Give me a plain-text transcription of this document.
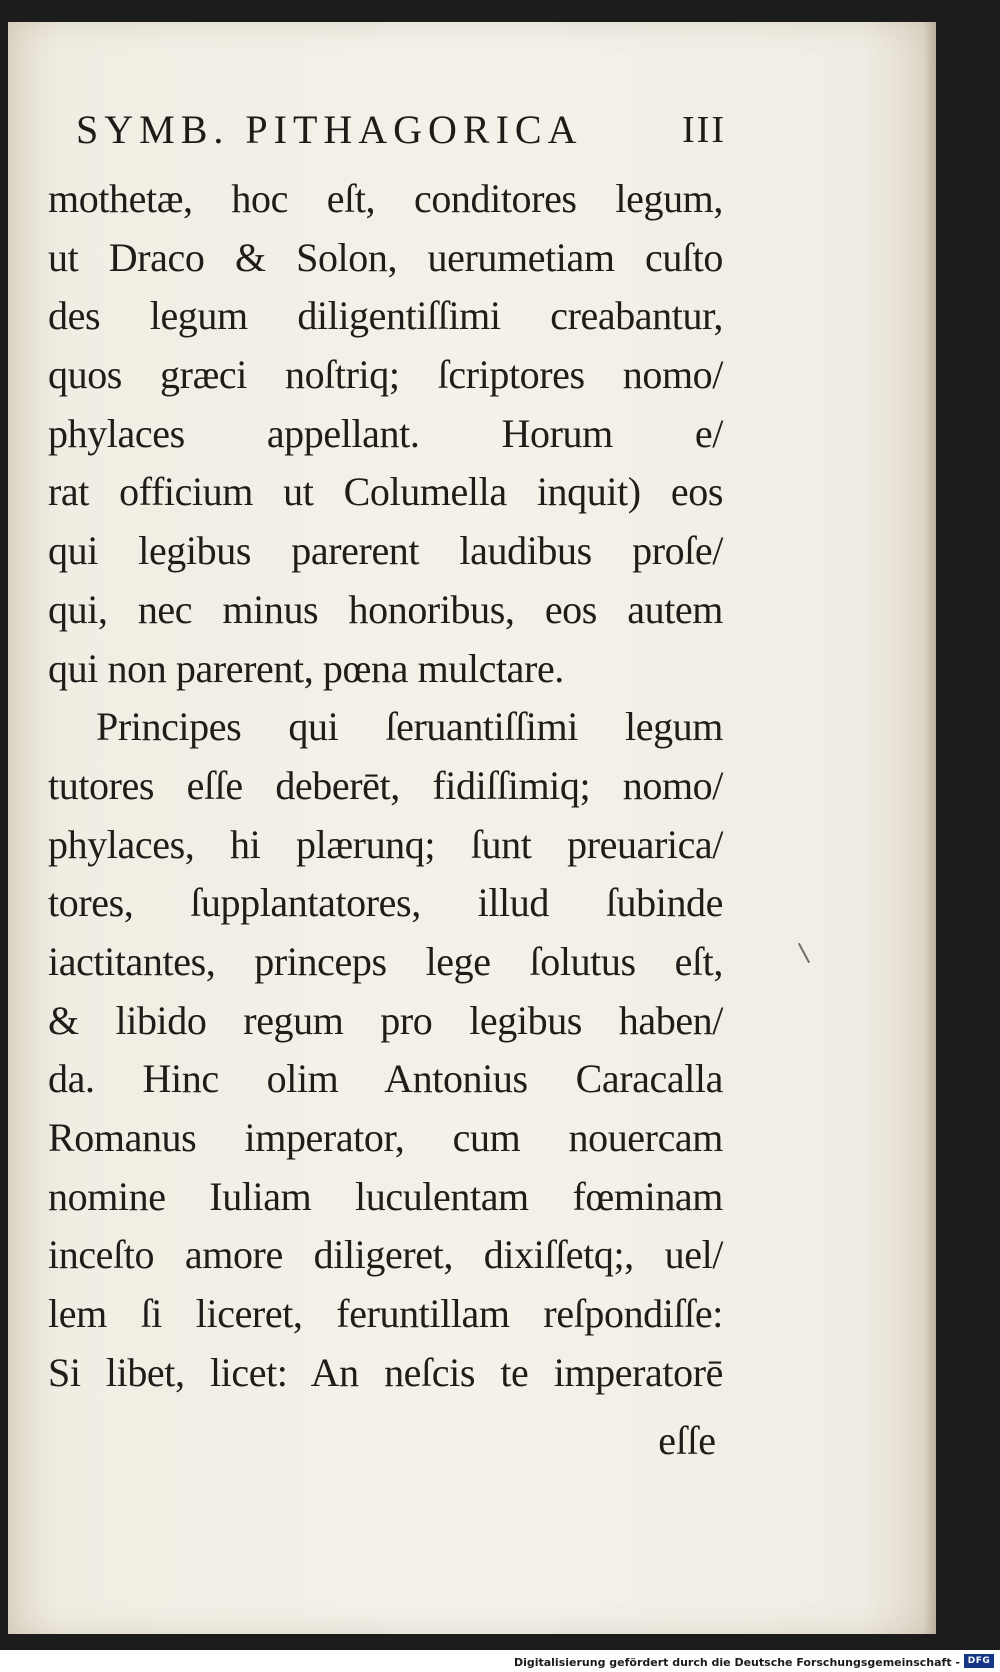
SYMB. PITHAGORICA	III
mothetæ, hoc eſt, conditores legum,
ut Draco & Solon, uerumetiam cuſto
des legum diligentiſſimi creabantur,
quos græci noſtriq; ſcriptores nomo/
phylaces appellant. Horum e/
rat officium ut Columella inquit) eos
qui legibus parerent laudibus proſe/
qui, nec minus honoribus, eos autem
qui non parerent, pœna mulctare.
Principes qui ſeruantiſſimi legum
tutores eſſe deberēt, fidiſſimiq; nomo/
phylaces, hi plærunq; ſunt preuarica/
tores, ſupplantatores, illud ſubinde
iactitantes, princeps lege ſolutus eſt,
& libido regum pro legibus haben/
da. Hinc olim Antonius Caracalla
Romanus imperator, cum nouercam
nomine Iuliam luculentam fœminam
inceſto amore diligeret, dixiſſetq;, uel/
lem ſi liceret, feruntillam reſpondiſſe:
Si libet, licet: An neſcis te imperatorē
eſſe
Digitalisierung gefördert durch die Deutsche Forschungsgemeinschaft - DFG
